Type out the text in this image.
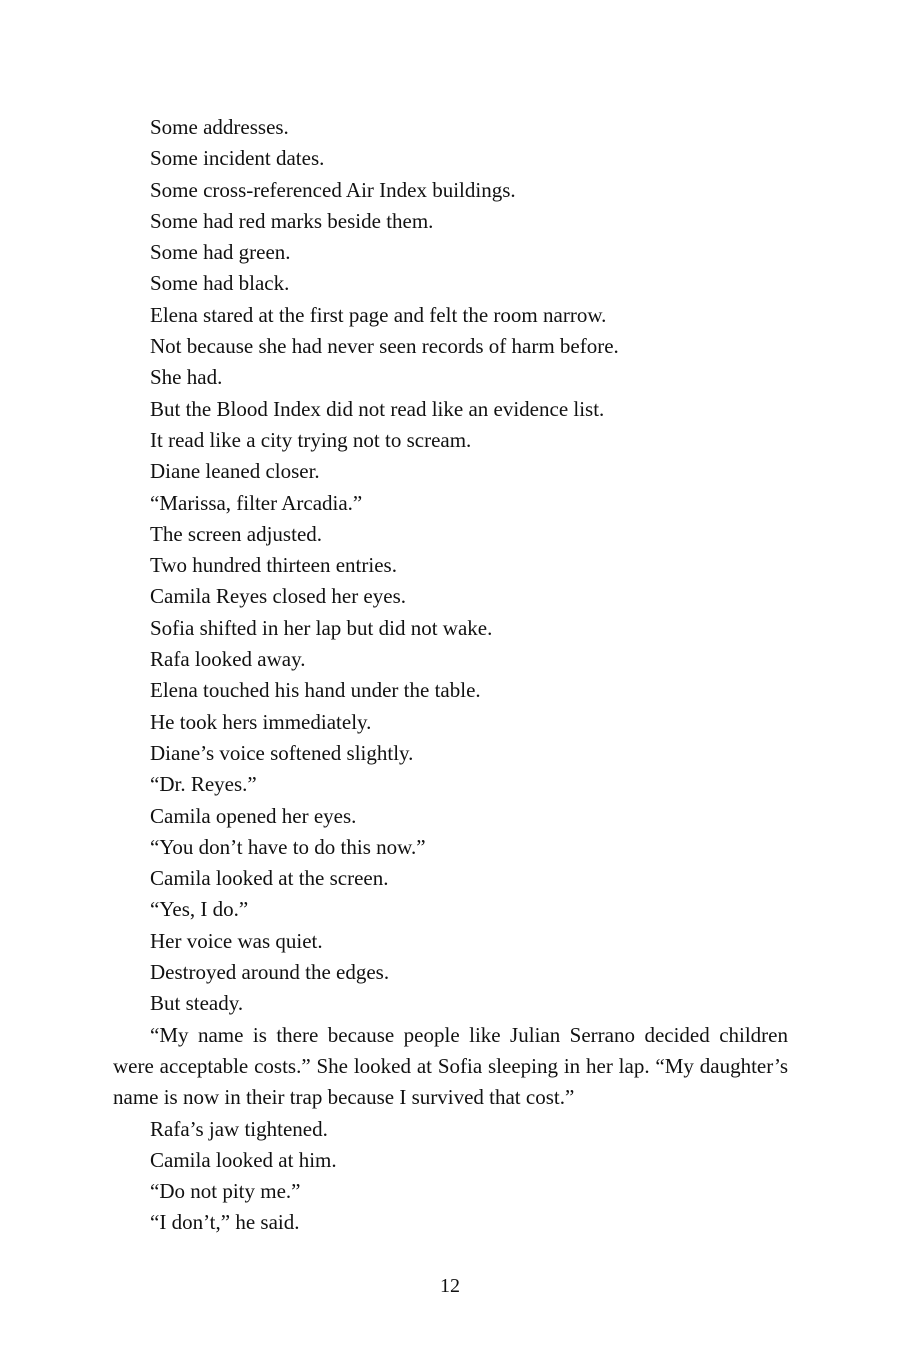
Some addresses.

Some incident dates.

Some cross-referenced Air Index buildings.

Some had red marks beside them.

Some had green.

Some had black.

Elena stared at the first page and felt the room narrow.

Not because she had never seen records of harm before.

She had.

But the Blood Index did not read like an evidence list.

It read like a city trying not to scream.

Diane leaned closer.

“Marissa, filter Arcadia.”

The screen adjusted.

Two hundred thirteen entries.

Camila Reyes closed her eyes.

Sofia shifted in her lap but did not wake.

Rafa looked away.

Elena touched his hand under the table.

He took hers immediately.

Diane’s voice softened slightly.

“Dr. Reyes.”

Camila opened her eyes.

“You don’t have to do this now.”

Camila looked at the screen.

“Yes, I do.”

Her voice was quiet.

Destroyed around the edges.

But steady.

“My name is there because people like Julian Serrano decided children were acceptable costs.” She looked at Sofia sleeping in her lap. “My daughter’s name is now in their trap because I survived that cost.”

Rafa’s jaw tightened.

Camila looked at him.

“Do not pity me.”

“I don’t,” he said.

12
